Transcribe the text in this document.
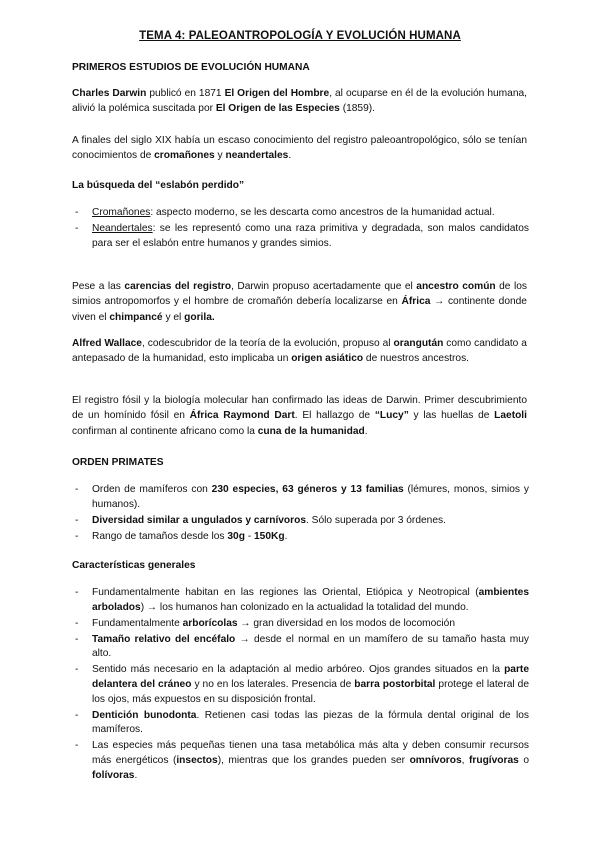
TEMA 4: PALEOANTROPOLOGÍA Y EVOLUCIÓN HUMANA
PRIMEROS ESTUDIOS DE EVOLUCIÓN HUMANA
Charles Darwin publicó en 1871 El Origen del Hombre, al ocuparse en él de la evolución humana, alivió la polémica suscitada por El Origen de las Especies (1859).
A finales del siglo XIX había un escaso conocimiento del registro paleoantropológico, sólo se tenían conocimientos de cromañones y neandertales.
La búsqueda del “eslabón perdido”
- Cromañones: aspecto moderno, se les descarta como ancestros de la humanidad actual.
- Neandertales: se les representó como una raza primitiva y degradada, son malos candidatos para ser el eslabón entre humanos y grandes simios.
Pese a las carencias del registro, Darwin propuso acertadamente que el ancestro común de los simios antropomorfos y el hombre de cromañón debería localizarse en África → continente donde viven el chimpancé y el gorila.
Alfred Wallace, codescubridor de la teoría de la evolución, propuso al orangután como candidato a antepasado de la humanidad, esto implicaba un origen asiático de nuestros ancestros.
El registro fósil y la biología molecular han confirmado las ideas de Darwin. Primer descubrimiento de un homínido fósil en África Raymond Dart. El hallazgo de “Lucy” y las huellas de Laetoli confirman al continente africano como la cuna de la humanidad.
ORDEN PRIMATES
- Orden de mamíferos con 230 especies, 63 géneros y 13 familias (lémures, monos, simios y humanos).
- Diversidad similar a ungulados y carnívoros. Sólo superada por 3 órdenes.
- Rango de tamaños desde los 30g - 150Kg.
Características generales
- Fundamentalmente habitan en las regiones las Oriental, Etiópica y Neotropical (ambientes arbolados) → los humanos han colonizado en la actualidad la totalidad del mundo.
- Fundamentalmente arborícolas → gran diversidad en los modos de locomoción
- Tamaño relativo del encéfalo → desde el normal en un mamífero de su tamaño hasta muy alto.
- Sentido más necesario en la adaptación al medio arbóreo. Ojos grandes situados en la parte delantera del cráneo y no en los laterales. Presencia de barra postorbital protege el lateral de los ojos, más expuestos en su disposición frontal.
- Dentición bunodonta. Retienen casi todas las piezas de la fórmula dental original de los mamíferos.
- Las especies más pequeñas tienen una tasa metabólica más alta y deben consumir recursos más energéticos (insectos), mientras que los grandes pueden ser omnívoros, frugívoras o folívoras.
